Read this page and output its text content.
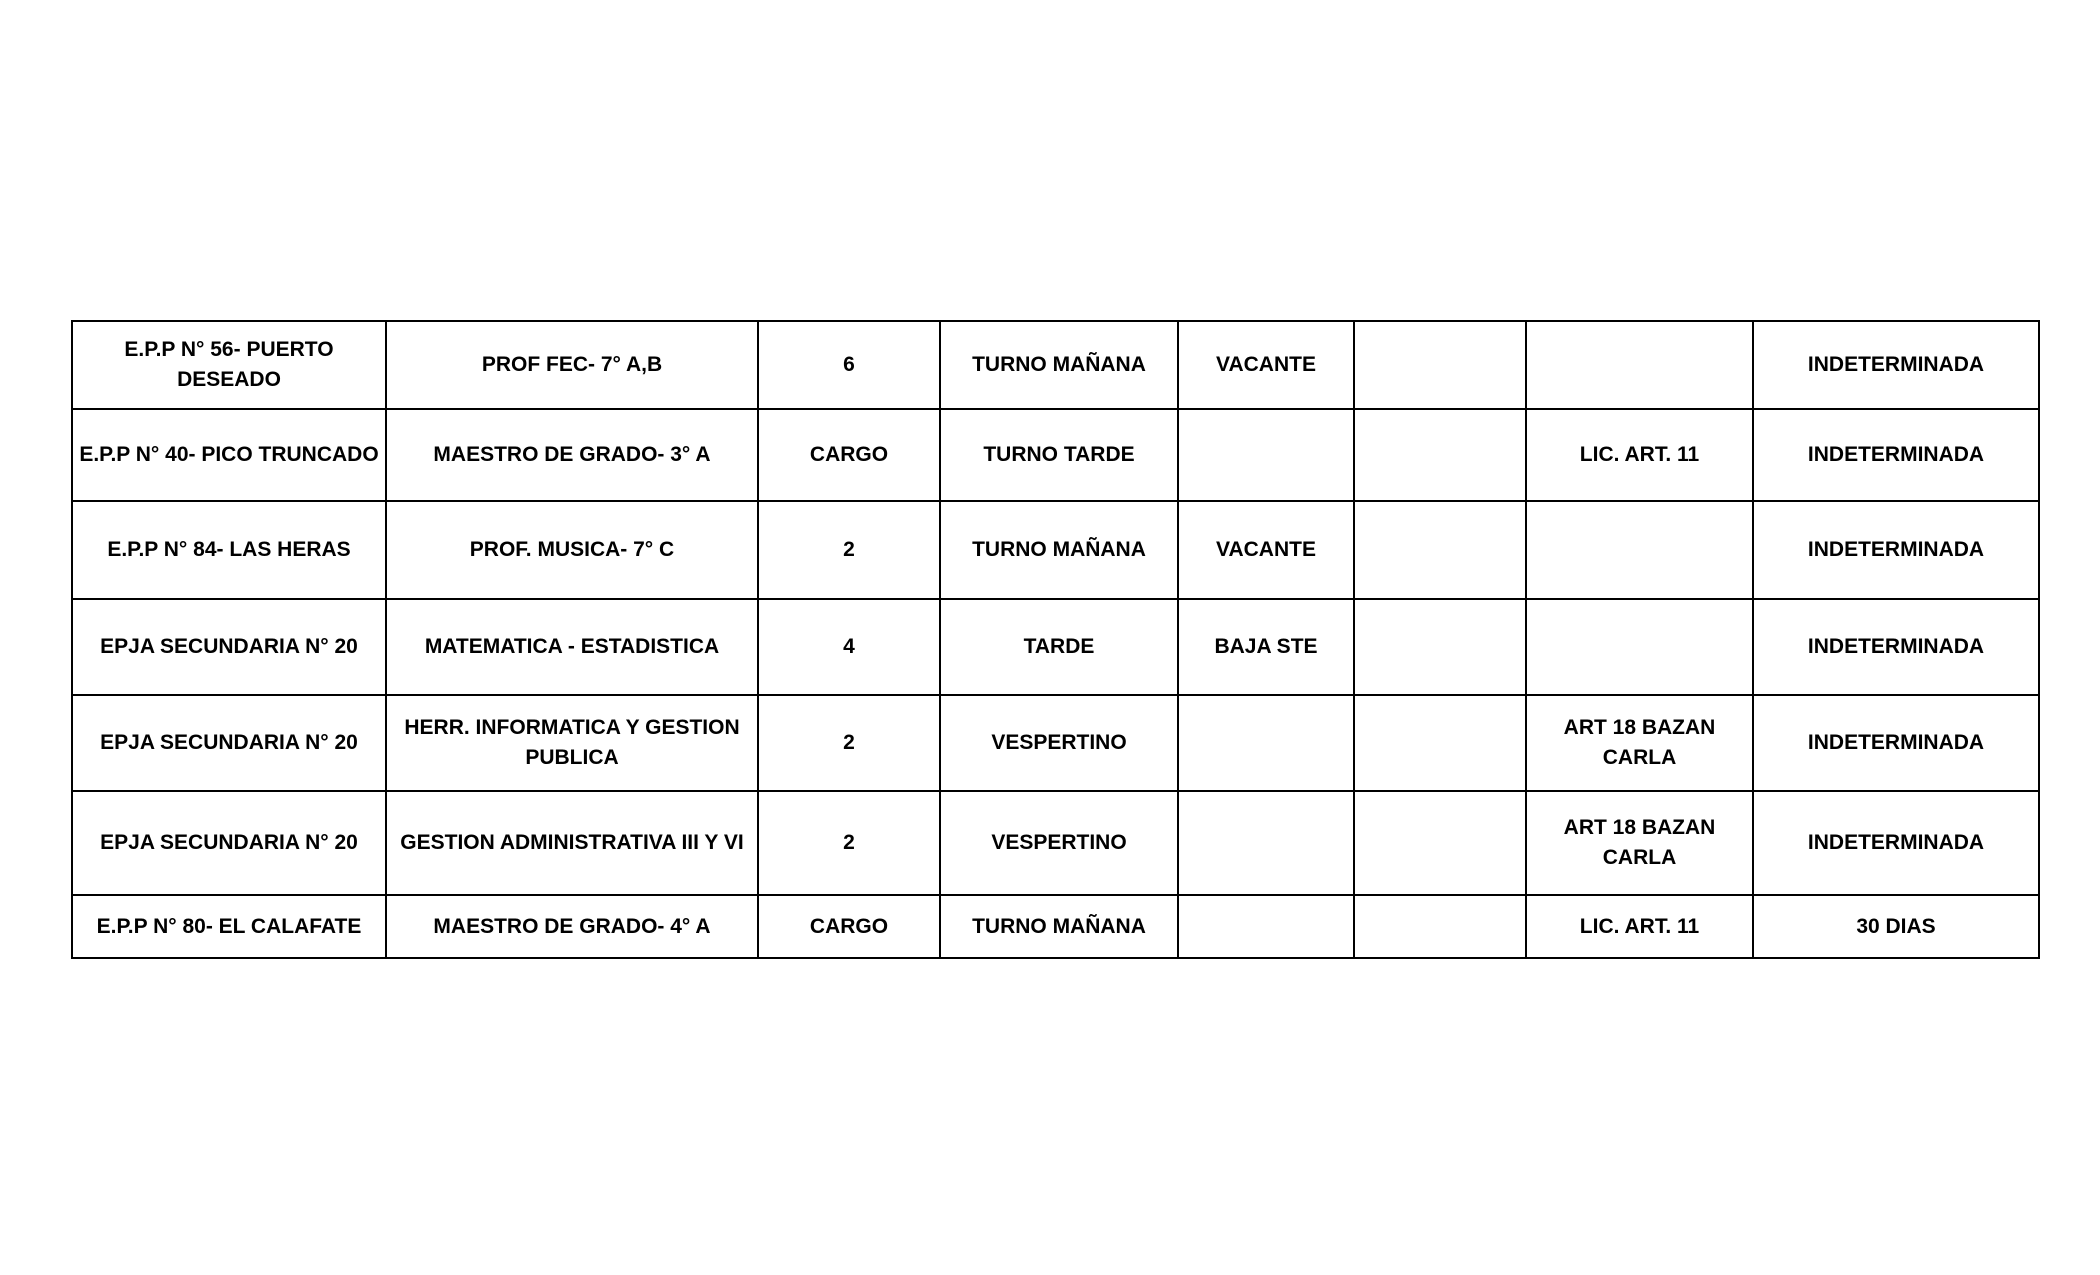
E.P.P N° 56- PUERTO DESEADO	PROF FEC- 7° A,B	6	TURNO MAÑANA	VACANTE			INDETERMINADA
E.P.P N° 40- PICO TRUNCADO	MAESTRO DE GRADO- 3° A	CARGO	TURNO TARDE			LIC. ART. 11	INDETERMINADA
E.P.P N° 84- LAS HERAS	PROF. MUSICA- 7° C	2	TURNO MAÑANA	VACANTE			INDETERMINADA
EPJA SECUNDARIA N° 20	MATEMATICA - ESTADISTICA	4	TARDE	BAJA STE			INDETERMINADA
EPJA SECUNDARIA N° 20	HERR. INFORMATICA Y GESTION PUBLICA	2	VESPERTINO			ART 18 BAZAN CARLA	INDETERMINADA
EPJA SECUNDARIA N° 20	GESTION ADMINISTRATIVA III Y VI	2	VESPERTINO			ART 18 BAZAN CARLA	INDETERMINADA
E.P.P N° 80- EL CALAFATE	MAESTRO DE GRADO- 4° A	CARGO	TURNO MAÑANA			LIC. ART. 11	30 DIAS
